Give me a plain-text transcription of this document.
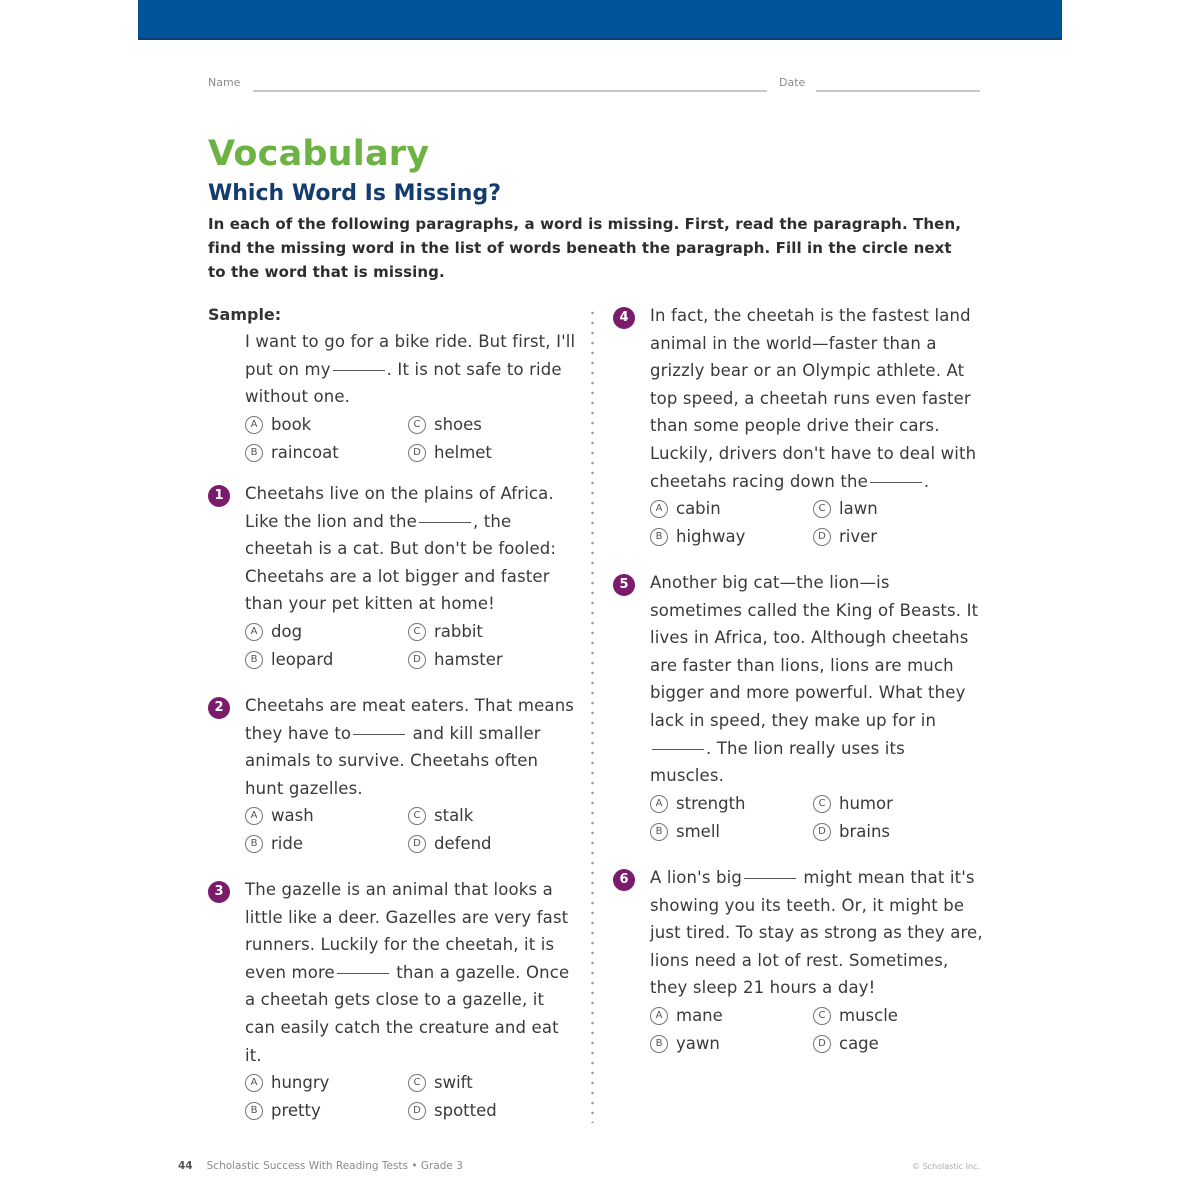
Name	Date
Vocabulary
Which Word Is Missing?
In each of the following paragraphs, a word is missing. First, read the paragraph. Then, find the missing word in the list of words beneath the paragraph. Fill in the circle next to the word that is missing.
Sample:
I want to go for a bike ride. But first, I'll put on my	. It is not safe to ride without one.
A book	C shoes
B raincoat	D helmet
1	Cheetahs live on the plains of Africa. Like the lion and the	, the cheetah is a cat. But don't be fooled: Cheetahs are a lot bigger and faster than your pet kitten at home!
A dog	C rabbit
B leopard	D hamster
2	Cheetahs are meat eaters. That means they have to	and kill smaller animals to survive. Cheetahs often hunt gazelles.
A wash	C stalk
B ride	D defend
3	The gazelle is an animal that looks a little like a deer. Gazelles are very fast runners. Luckily for the cheetah, it is even more	than a gazelle. Once a cheetah gets close to a gazelle, it can easily catch the creature and eat it.
A hungry	C swift
B pretty	D spotted
4	In fact, the cheetah is the fastest land animal in the world—faster than a grizzly bear or an Olympic athlete. At top speed, a cheetah runs even faster than some people drive their cars. Luckily, drivers don't have to deal with cheetahs racing down the	.
A cabin	C lawn
B highway	D river
5	Another big cat—the lion—is sometimes called the King of Beasts. It lives in Africa, too. Although cheetahs are faster than lions, lions are much bigger and more powerful. What they lack in speed, they make up for in. The lion really uses its muscles.
A strength	C humor
B smell	D brains
6	A lion's big	might mean that it's showing you its teeth. Or, it might be just tired. To stay as strong as they are, lions need a lot of rest. Sometimes, they sleep 21 hours a day!
A mane	C muscle
B yawn	D cage
44 Scholastic Success With Reading Tests • Grade 3	© Scholastic Inc.
